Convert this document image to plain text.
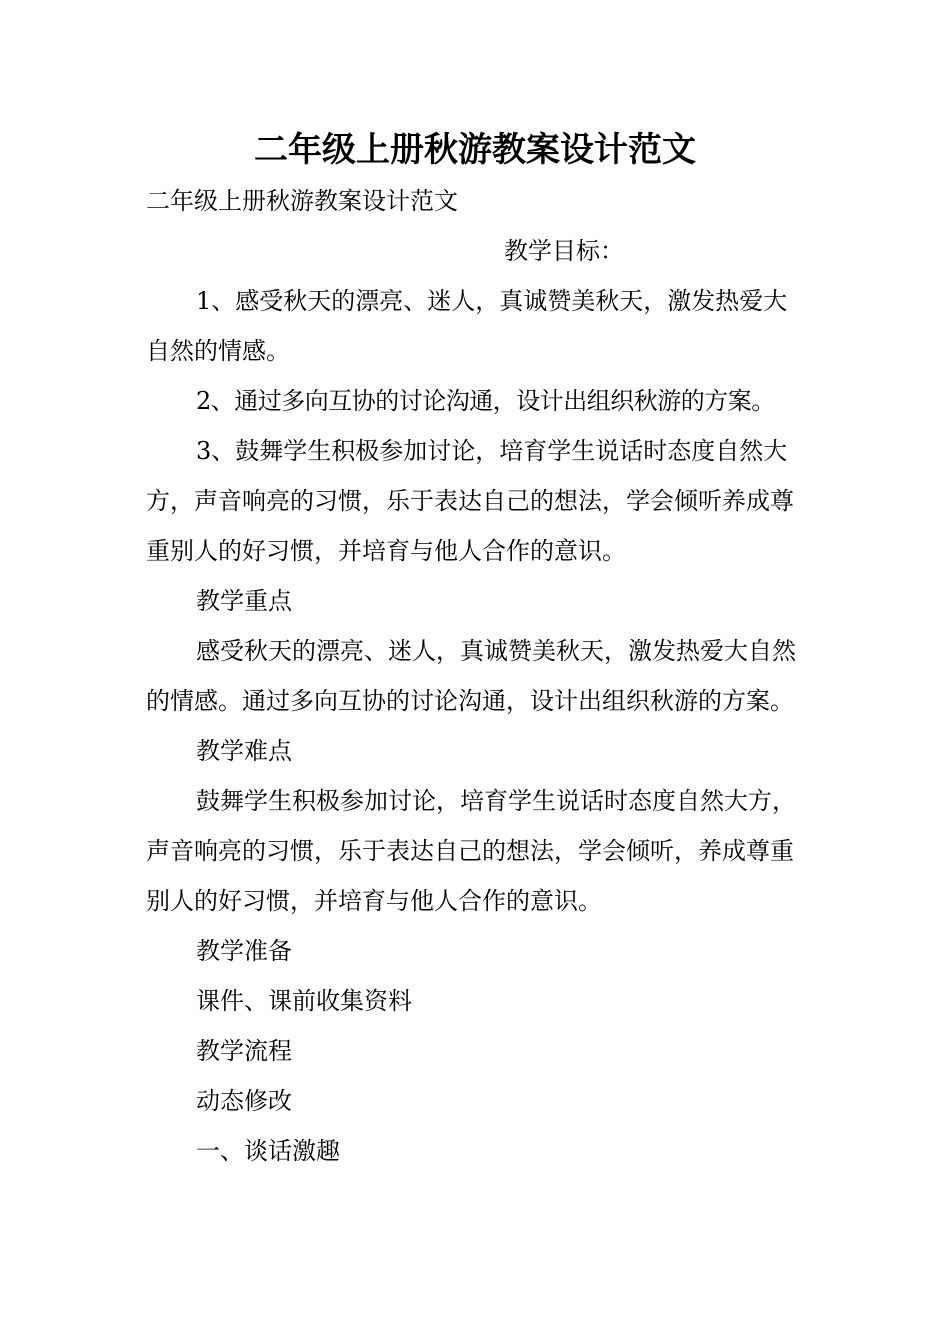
二年级上册秋游教案设计范文

二年级上册秋游教案设计范文

教学目标：

1、感受秋天的漂亮、迷人，真诚赞美秋天，激发热爱大自然的情感。

2、通过多向互协的讨论沟通，设计出组织秋游的方案。

3、鼓舞学生积极参加讨论，培育学生说话时态度自然大方，声音响亮的习惯，乐于表达自己的想法，学会倾听养成尊重别人的好习惯，并培育与他人合作的意识。

教学重点

感受秋天的漂亮、迷人，真诚赞美秋天，激发热爱大自然的情感。通过多向互协的讨论沟通，设计出组织秋游的方案。

教学难点

鼓舞学生积极参加讨论，培育学生说话时态度自然大方，声音响亮的习惯，乐于表达自己的想法，学会倾听，养成尊重别人的好习惯，并培育与他人合作的意识。

教学准备

课件、课前收集资料

教学流程

动态修改

一、谈话激趣
